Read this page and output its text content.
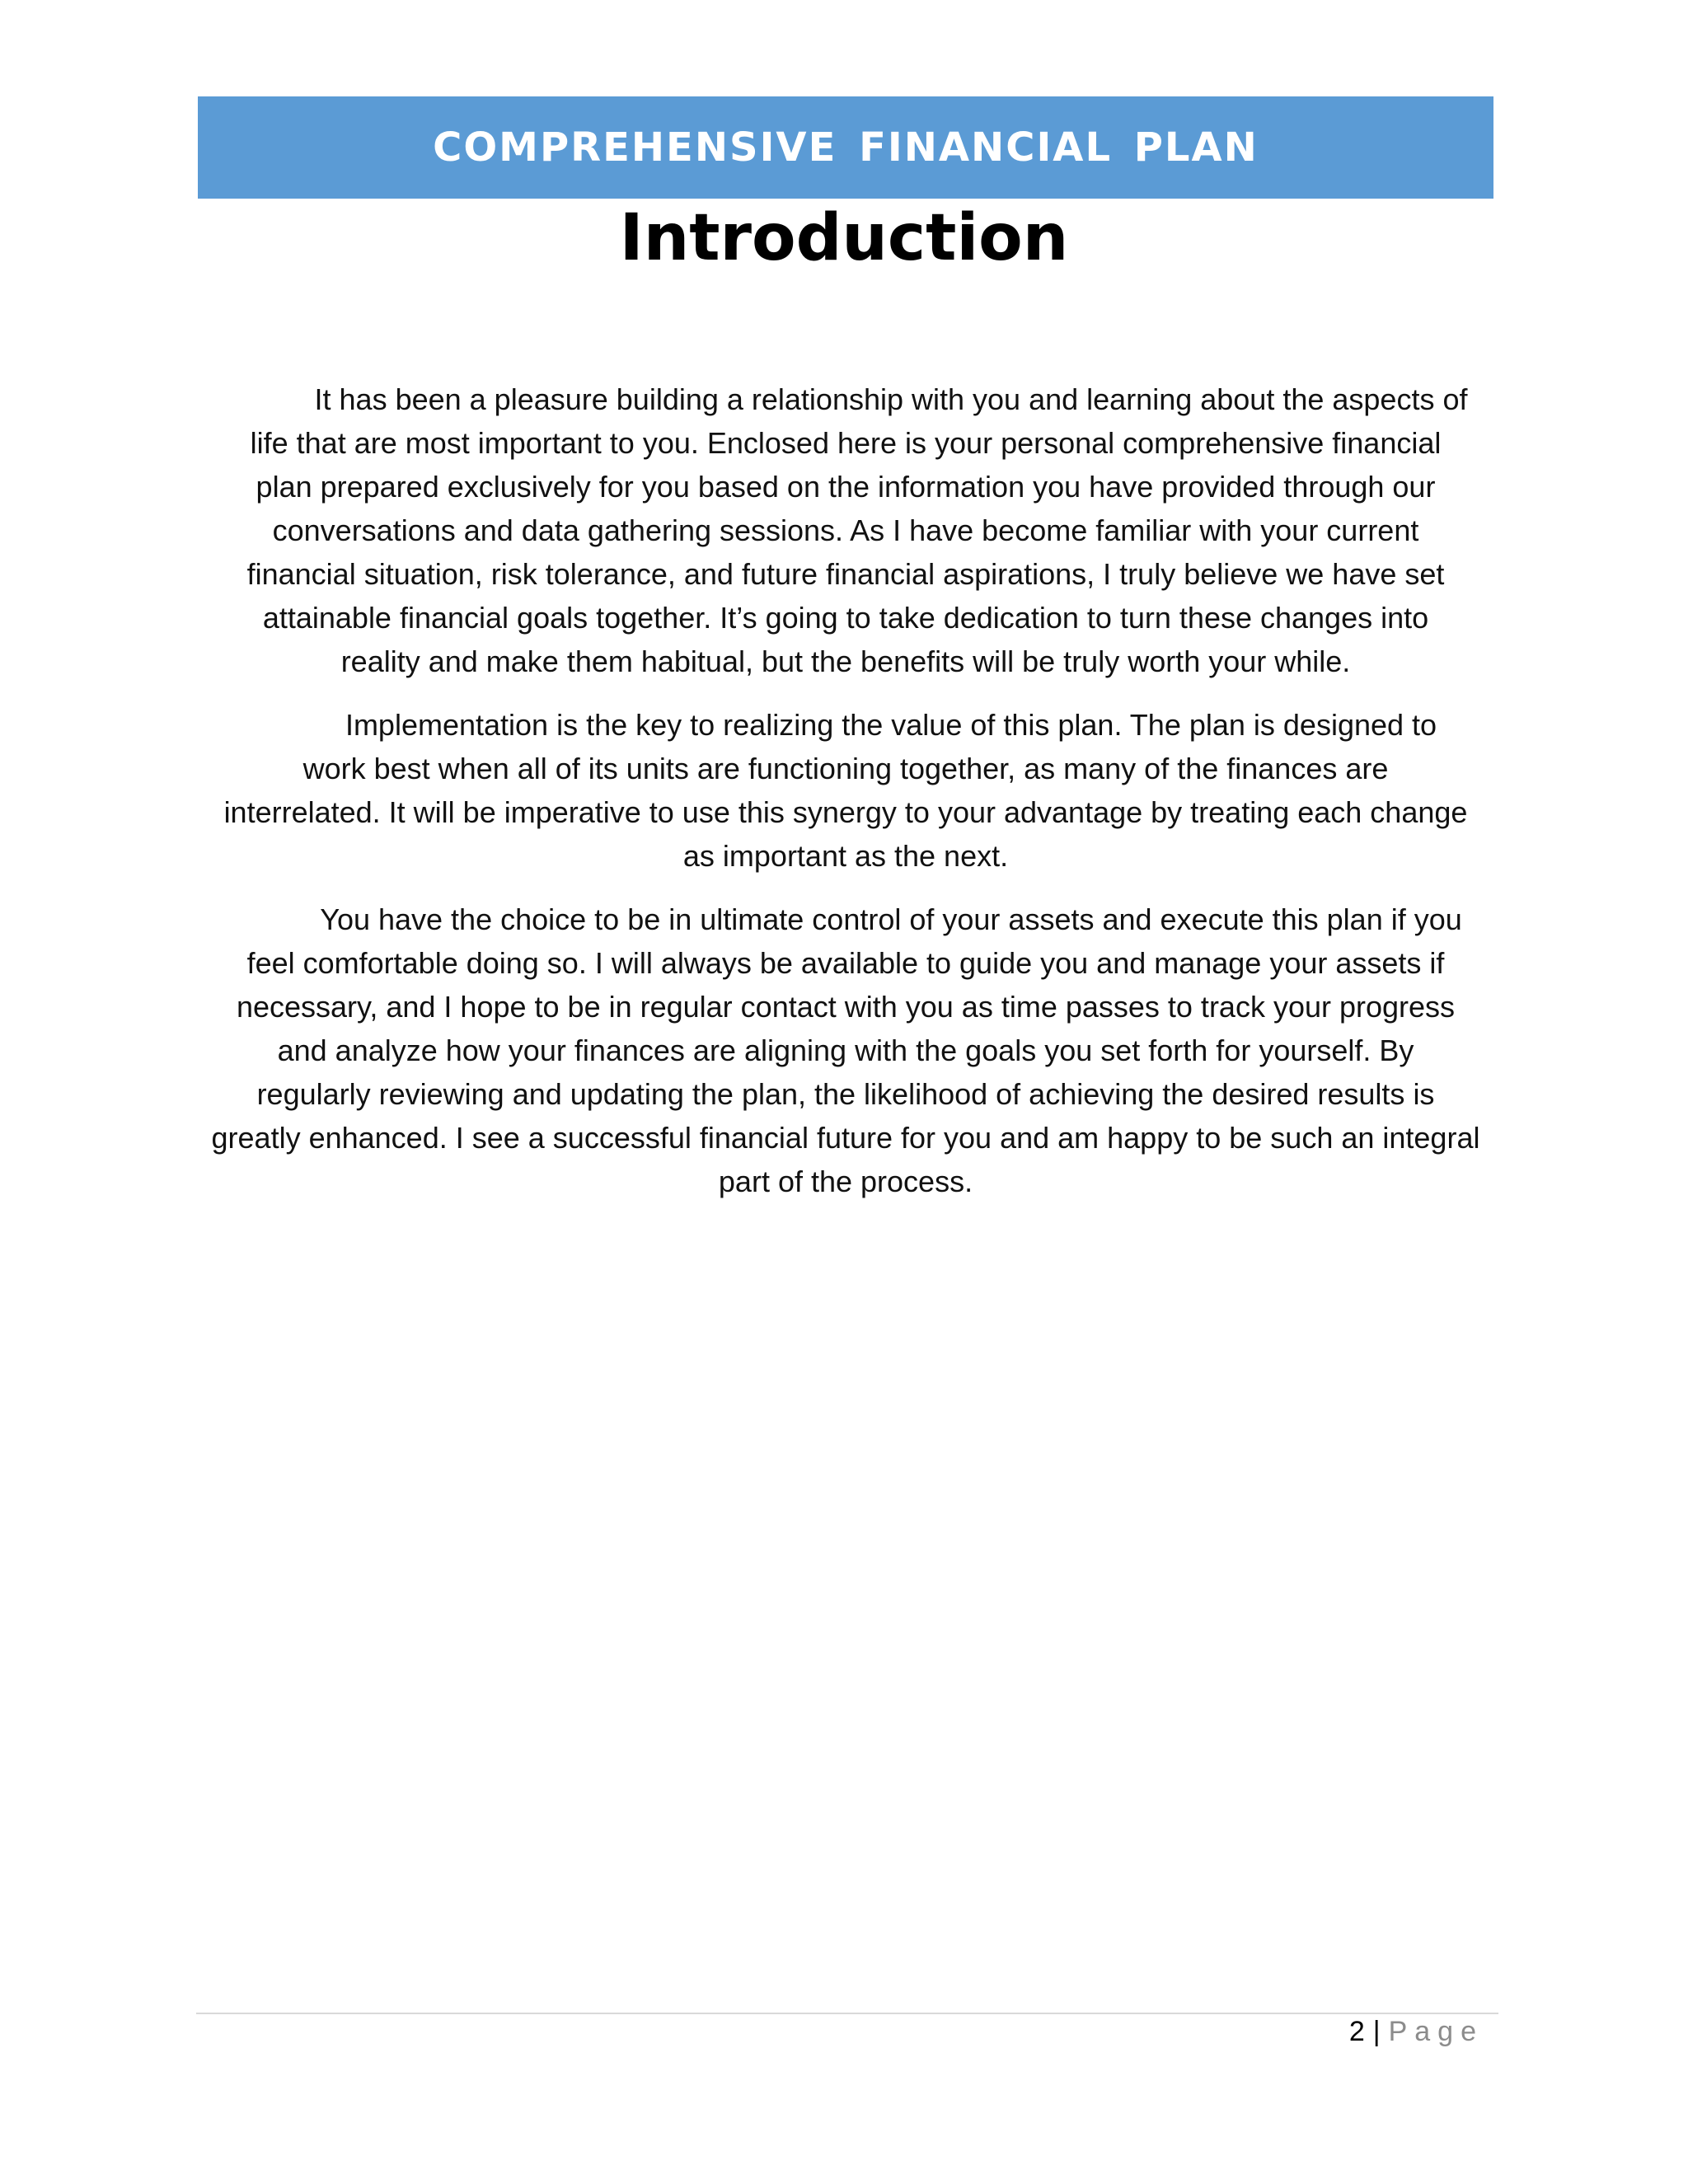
COMPREHENSIVE FINANCIAL PLAN
Introduction

It has been a pleasure building a relationship with you and learning about the aspects of
life that are most important to you. Enclosed here is your personal comprehensive financial
plan prepared exclusively for you based on the information you have provided through our
conversations and data gathering sessions. As I have become familiar with your current
financial situation, risk tolerance, and future financial aspirations, I truly believe we have set
attainable financial goals together. It’s going to take dedication to turn these changes into
reality and make them habitual, but the benefits will be truly worth your while.

Implementation is the key to realizing the value of this plan. The plan is designed to
work best when all of its units are functioning together, as many of the finances are
interrelated. It will be imperative to use this synergy to your advantage by treating each change
as important as the next.

You have the choice to be in ultimate control of your assets and execute this plan if you
feel comfortable doing so. I will always be available to guide you and manage your assets if
necessary, and I hope to be in regular contact with you as time passes to track your progress
and analyze how your finances are aligning with the goals you set forth for yourself. By
regularly reviewing and updating the plan, the likelihood of achieving the desired results is
greatly enhanced. I see a successful financial future for you and am happy to be such an integral
part of the process.

2 | Page
